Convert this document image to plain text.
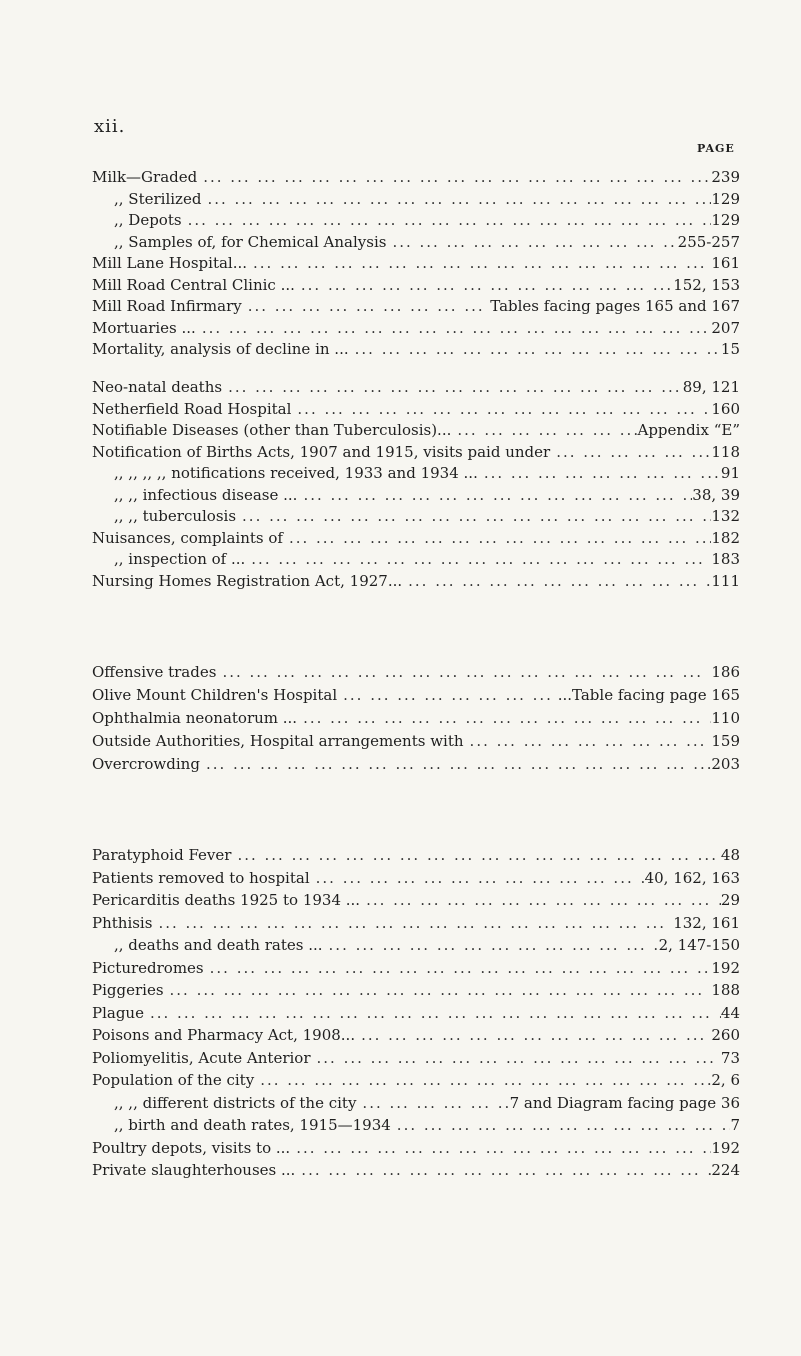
xii.
PAGE
Milk—Graded ... .	239
,, Sterilized ... .	129
,, Depots ... .	129
,, Samples of, for Chemical Analysis ... .	255-257
Mill Lane Hospital... ... .	161
Mill Road Central Clinic ... ... .	152, 153
Mill Road Infirmary ... .	Tables facing pages 165 and 167
Mortuaries ... ... .	207
Mortality, analysis of decline in ... ... .	15
Neo-natal deaths ... .	89, 121
Netherfield Road Hospital ... .	160
Notifiable Diseases (other than Tuberculosis)... ... .	Appendix “E”
Notification of Births Acts, 1907 and 1915, visits paid under ... .	118
,, ,, ,, ,, notifications received, 1933 and 1934 ... ... .	91
,, ,, infectious disease ... ... .	38, 39
,, ,, tuberculosis ... .	132
Nuisances, complaints of ... .	182
,, inspection of ... ... .	183
Nursing Homes Registration Act, 1927... ... .	111
Offensive trades ... .	186
Olive Mount Children's Hospital ... .	...Table facing page 165
Ophthalmia neonatorum ... ... .	110
Outside Authorities, Hospital arrangements with ... .	159
Overcrowding ... .	203
Paratyphoid Fever ... .	48
Patients removed to hospital ... .	40, 162, 163
Pericarditis deaths 1925 to 1934 ... ... .	29
Phthisis ... .	132, 161
,, deaths and death rates ... ... .	2, 147-150
Picturedromes ... .	192
Piggeries ... .	188
Plague ... .	44
Poisons and Pharmacy Act, 1908... ... .	260
Poliomyelitis, Acute Anterior ... .	73
Population of the city ... .	2, 6
,, ,, different districts of the city ... .	7 and Diagram facing page 36
,, birth and death rates, 1915—1934 ... .	7
Poultry depots, visits to ... ... .	192
Private slaughterhouses ... ... .	224
